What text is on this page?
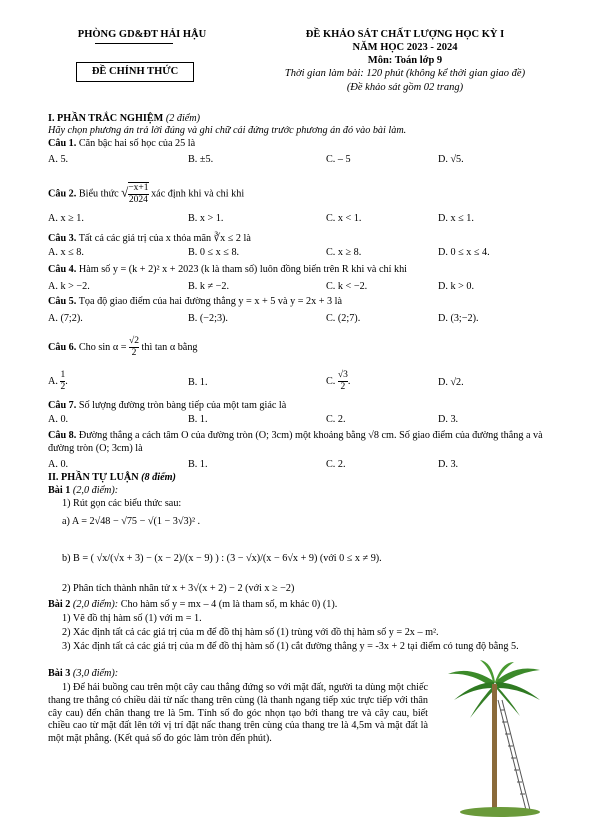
PHÒNG GD&ĐT HẢI HẬU
ĐỀ CHÍNH THỨC
ĐỀ KHẢO SÁT CHẤT LƯỢNG HỌC KỲ I
NĂM HỌC 2023 - 2024
Môn: Toán lớp 9
Thời gian làm bài: 120 phút (không kể thời gian giao đề)
(Đề khảo sát gồm 02 trang)
I. PHẦN TRẮC NGHIỆM (2 điểm)
Hãy chọn phương án trả lời đúng và ghi chữ cái đứng trước phương án đó vào bài làm.
Câu 1. Căn bậc hai số học của 25 là
A. 5.	B. ±5.	C. – 5	D. √5.
Câu 2. Biểu thức √ $\frac{-x+1}{2024}$ xác định khi và chỉ khi
A. x ≥ 1.	B. x > 1.	C. x < 1.	D. x ≤ 1.
Câu 3. Tất cả các giá trị của x thỏa mãn ∛x ≤ 2 là
A. x ≤ 8.	B. 0 ≤ x ≤ 8.	C. x ≥ 8.	D. 0 ≤ x ≤ 4.
Câu 4. Hàm số y = (k + 2)² x + 2023 (k là tham số) luôn đồng biến trên R khi và chỉ khi
A. k > −2.	B. k ≠ −2.	C. k < −2.	D. k > 0.
Câu 5. Tọa độ giao điểm của hai đường thẳng y = x + 5 và y = 2x + 3 là
A. (7;2).	B. (−2;3).	C. (2;7).	D. (3;−2).
Câu 6. Cho $\sin \alpha = \frac{√2}{2}$ thì tan α bằng
A. $\frac{1}{2}$ .	B. 1.	C. $\frac{√3}{2}$ .	D. √2.
Câu 7. Số lượng đường tròn bàng tiếp của một tam giác là
A. 0.	B. 1.	C. 2.	D. 3.
Câu 8. Đường thẳng a cách tâm O của đường tròn (O; 3cm) một khoảng bằng √8 cm. Số giao điểm của đường thẳng a và đường tròn (O; 3cm) là
A. 0.	B. 1.	C. 2.	D. 3.
II. PHẦN TỰ LUẬN (8 điểm)
Bài 1 (2,0 điểm):
1) Rút gọn các biểu thức sau:
a) A = 2√48 − √75 − √(1 − 3√3)² .
b) B = ( √x/(√x + 3) − (x − 2)/(x − 9) ) : (3 − √x)/(x − 6√x + 9) (với 0 ≤ x ≠ 9).
2) Phân tích thành nhân tử x + 3√(x + 2) − 2 (với x ≥ −2)
Bài 2 (2,0 điểm): Cho hàm số y = mx – 4 (m là tham số, m khác 0) (1).
1) Vẽ đồ thị hàm số (1) với m = 1.
2) Xác định tất cả các giá trị của m để đồ thị hàm số (1) trùng với đồ thị hàm số y = 2x – m².
3) Xác định tất cả các giá trị của m để đồ thị hàm số (1) cắt đường thẳng y = -3x + 2 tại điểm có tung độ bằng 5.
Bài 3 (3,0 điểm):
1) Để hái buồng cau trên một cây cau thẳng đứng so với mặt đất, người ta dùng một chiếc thang tre thẳng có chiều dài từ nấc thang trên cùng (là thanh ngang tiếp xúc trực tiếp với thân cây cau) đến chân thang tre là 5m. Tính số đo góc nhọn tạo bởi thang tre và cây cau, biết chiều cao từ mặt đất lên tới vị trí đặt nấc thang trên cùng của thang tre là 4,5m và mặt đất là một mặt phẳng. (Kết quả số đo góc làm tròn đến phút).
